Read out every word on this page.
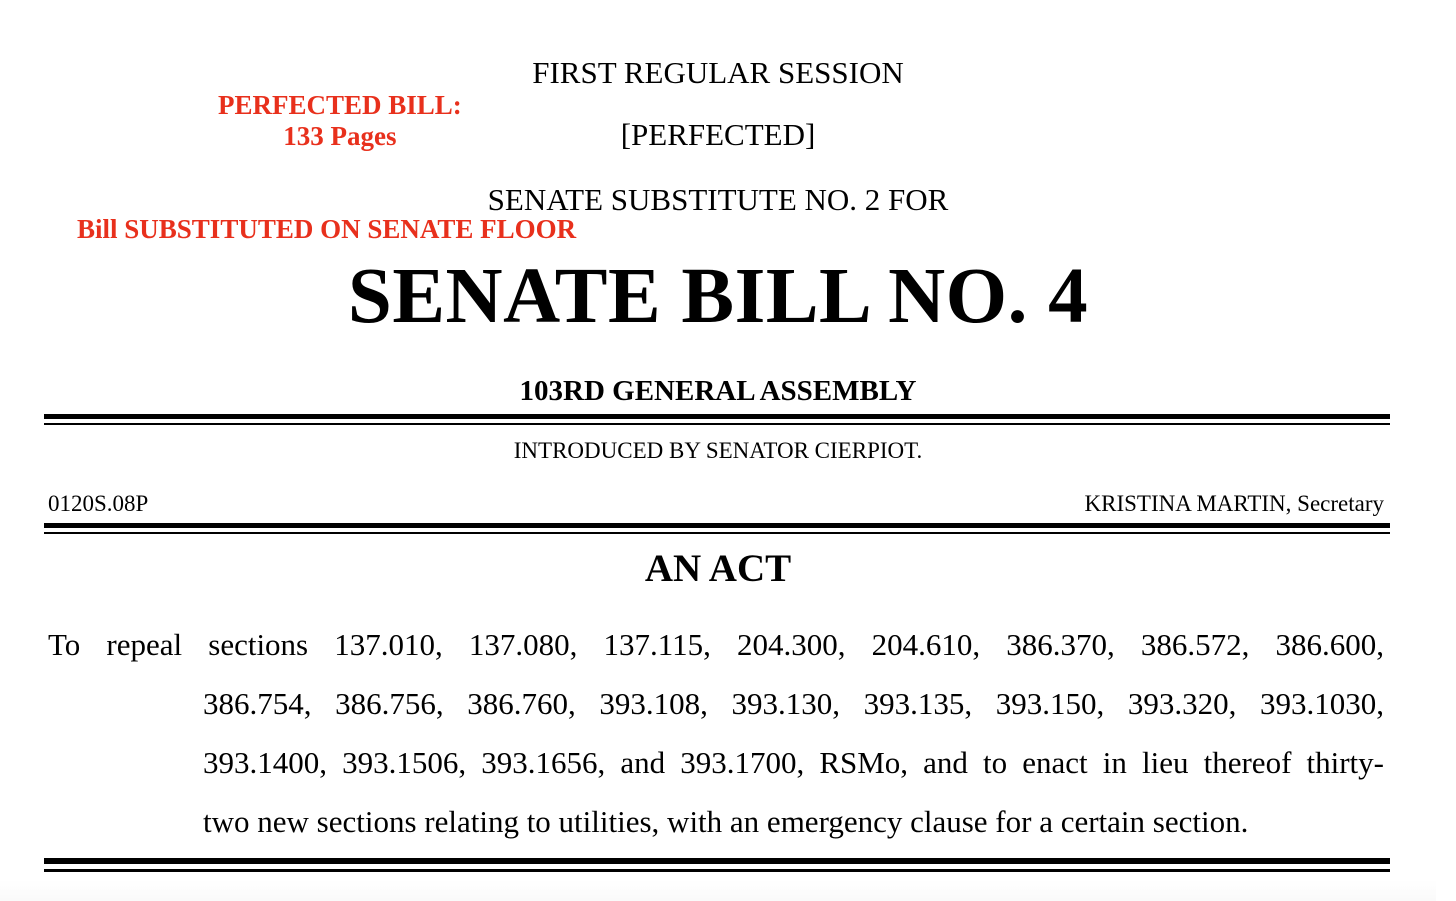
FIRST REGULAR SESSION

PERFECTED BILL:
133 Pages	[PERFECTED]

SENATE SUBSTITUTE NO. 2 FOR

Bill SUBSTITUTED ON SENATE FLOOR
SENATE BILL NO. 4

103RD GENERAL ASSEMBLY

INTRODUCED BY SENATOR CIERPIOT.

0120S.08P	KRISTINA MARTIN, Secretary

AN ACT
To repeal sections 137.010, 137.080, 137.115, 204.300, 204.610, 386.370, 386.572, 386.600,
386.754, 386.756, 386.760, 393.108, 393.130, 393.135, 393.150, 393.320, 393.1030,
393.1400, 393.1506, 393.1656, and 393.1700, RSMo, and to enact in lieu thereof thirty-
two new sections relating to utilities, with an emergency clause for a certain section.
